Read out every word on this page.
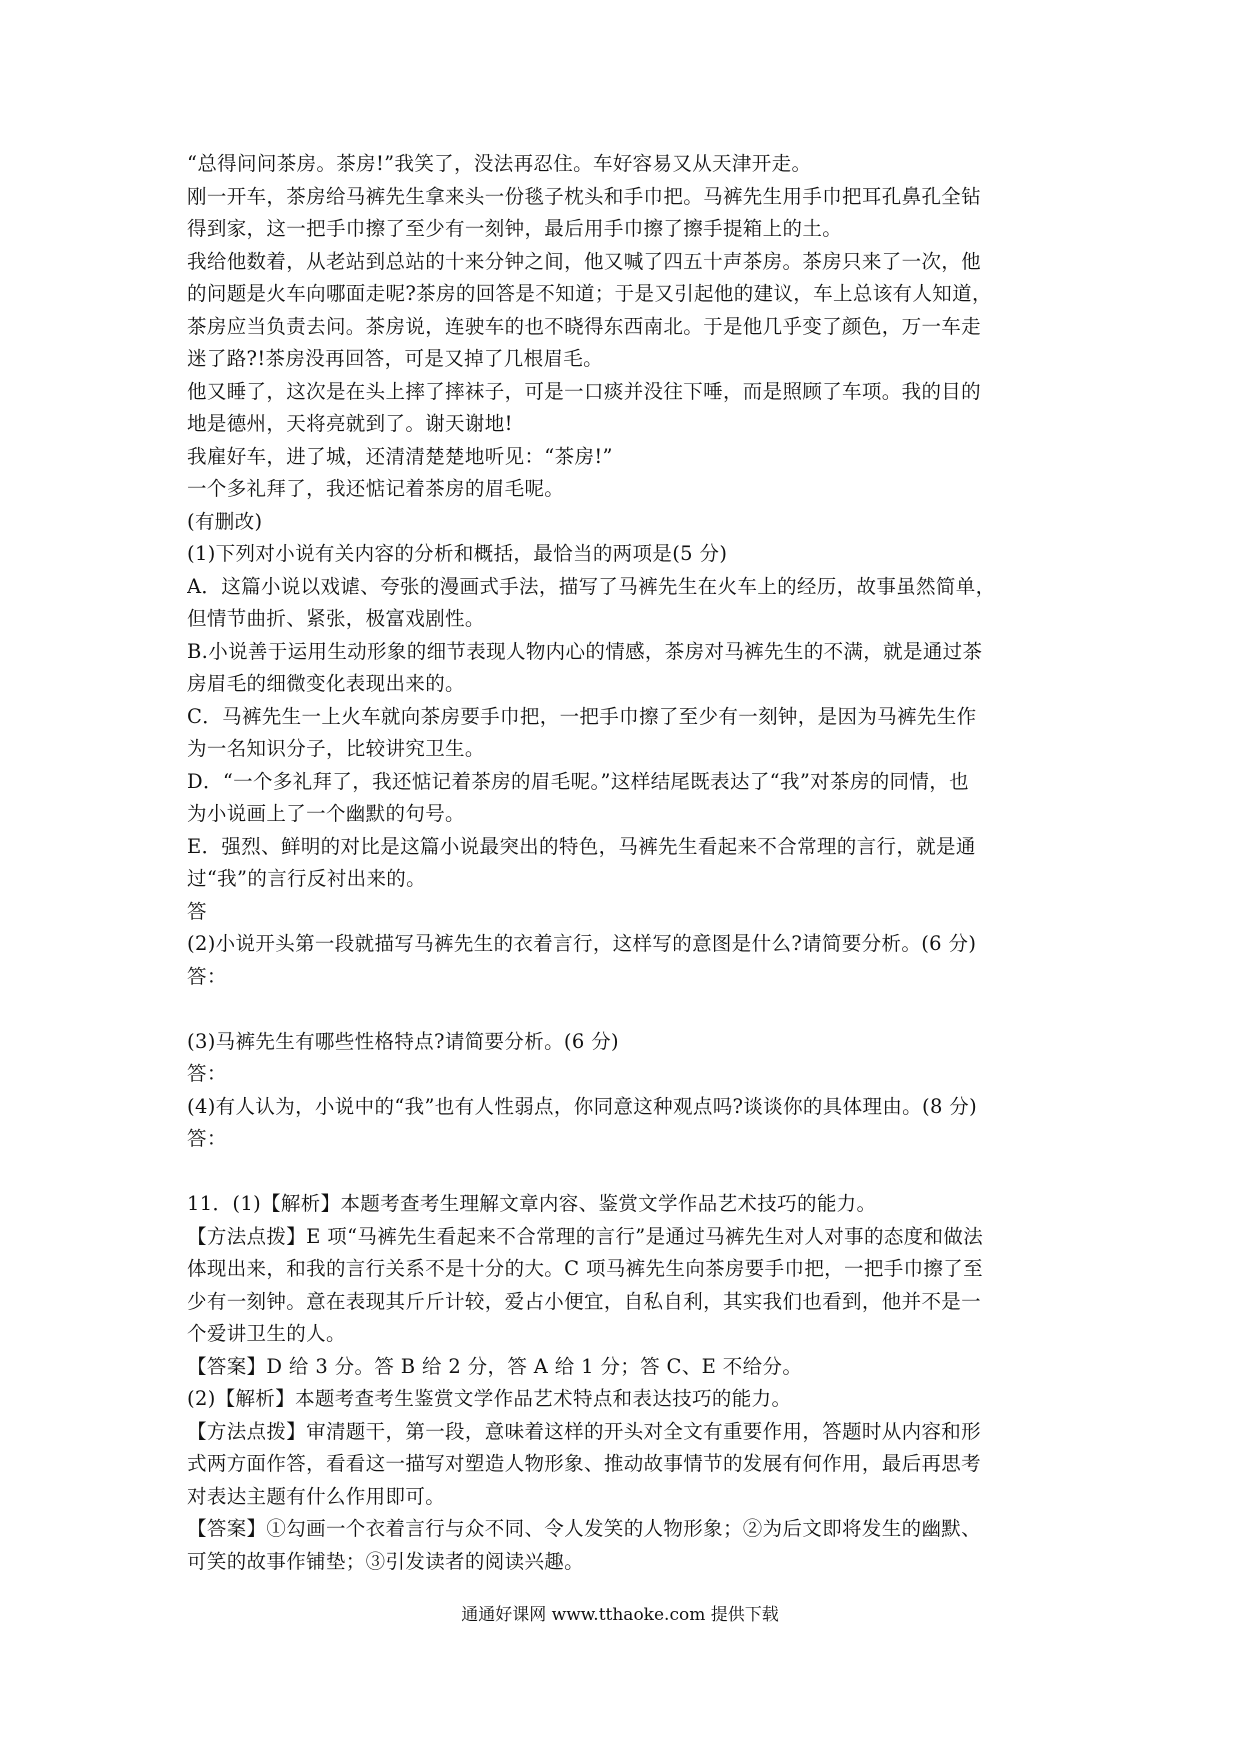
“总得问问茶房。茶房!”我笑了，没法再忍住。车好容易又从天津开走。
刚一开车，茶房给马裤先生拿来头一份毯子枕头和手巾把。马裤先生用手巾把耳孔鼻孔全钻
得到家，这一把手巾擦了至少有一刻钟，最后用手巾擦了擦手提箱上的土。
我给他数着，从老站到总站的十来分钟之间，他又喊了四五十声茶房。茶房只来了一次，他
的问题是火车向哪面走呢?茶房的回答是不知道；于是又引起他的建议，车上总该有人知道，
茶房应当负责去问。茶房说，连驶车的也不晓得东西南北。于是他几乎变了颜色，万一车走
迷了路?!茶房没再回答，可是又掉了几根眉毛。
他又睡了，这次是在头上摔了摔袜子，可是一口痰并没往下唾，而是照顾了车项。我的目的
地是德州，天将亮就到了。谢天谢地!
我雇好车，进了城，还清清楚楚地听见：“茶房!”
一个多礼拜了，我还惦记着茶房的眉毛呢。
(有删改)
(1)下列对小说有关内容的分析和概括，最恰当的两项是(5 分)
A．这篇小说以戏谑、夸张的漫画式手法，描写了马裤先生在火车上的经历，故事虽然简单，
但情节曲折、紧张，极富戏剧性。
B.小说善于运用生动形象的细节表现人物内心的情感，茶房对马裤先生的不满，就是通过茶
房眉毛的细微变化表现出来的。
C．马裤先生一上火车就向茶房要手巾把，一把手巾擦了至少有一刻钟，是因为马裤先生作
为一名知识分子，比较讲究卫生。
D．“一个多礼拜了，我还惦记着茶房的眉毛呢。”这样结尾既表达了“我”对茶房的同情，也
为小说画上了一个幽默的句号。
E．强烈、鲜明的对比是这篇小说最突出的特色，马裤先生看起来不合常理的言行，就是通
过“我”的言行反衬出来的。
答
(2)小说开头第一段就描写马裤先生的衣着言行，这样写的意图是什么?请简要分析。(6 分)
答：
(3)马裤先生有哪些性格特点?请简要分析。(6 分)
答：
(4)有人认为，小说中的“我”也有人性弱点，你同意这种观点吗?谈谈你的具体理由。(8 分)
答：
11．(1)【解析】本题考查考生理解文章内容、鉴赏文学作品艺术技巧的能力。
【方法点拨】E 项“马裤先生看起来不合常理的言行”是通过马裤先生对人对事的态度和做法
体现出来，和我的言行关系不是十分的大。C 项马裤先生向茶房要手巾把，一把手巾擦了至
少有一刻钟。意在表现其斤斤计较，爱占小便宜，自私自利，其实我们也看到，他并不是一
个爱讲卫生的人。
【答案】D 给 3 分。答 B 给 2 分，答 A 给 1 分；答 C、E 不给分。
(2)【解析】本题考查考生鉴赏文学作品艺术特点和表达技巧的能力。
【方法点拨】审清题干，第一段，意味着这样的开头对全文有重要作用，答题时从内容和形
式两方面作答，看看这一描写对塑造人物形象、推动故事情节的发展有何作用，最后再思考
对表达主题有什么作用即可。
【答案】①勾画一个衣着言行与众不同、令人发笑的人物形象；②为后文即将发生的幽默、
可笑的故事作铺垫；③引发读者的阅读兴趣。
通通好课网 www.tthaoke.com 提供下载
